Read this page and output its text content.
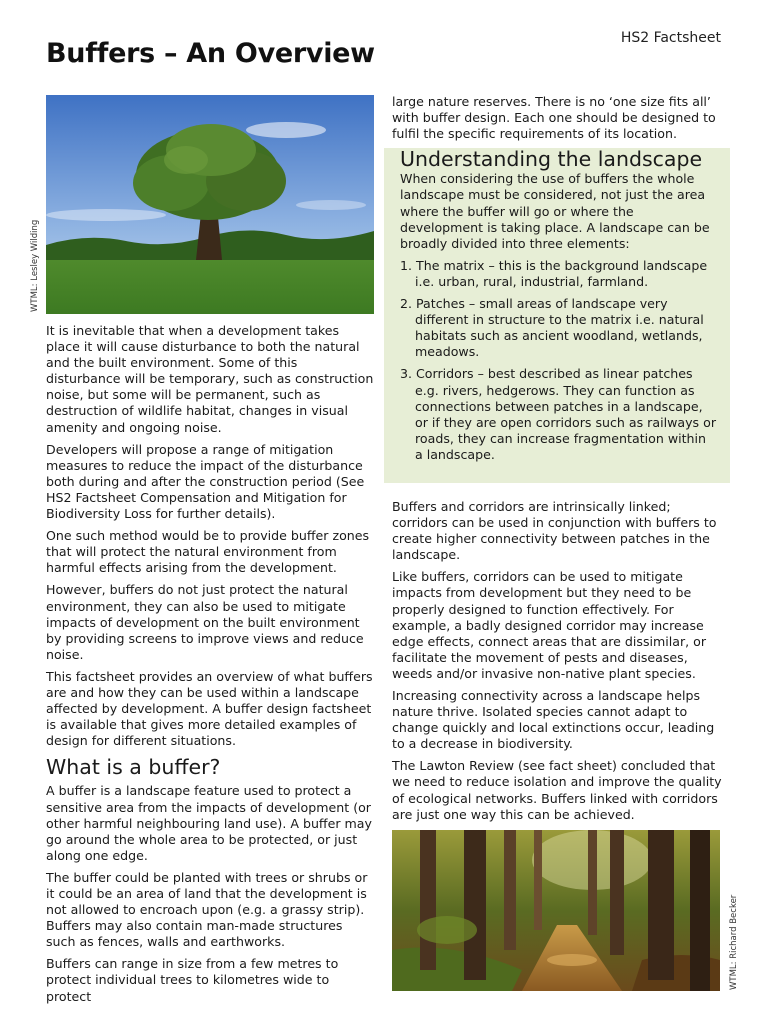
HS2 Factsheet
Buffers – An Overview
WTML: Lesley Wilding

It is inevitable that when a development takes place it will cause disturbance to both the natural and the built environment. Some of this disturbance will be temporary, such as construction noise, but some will be permanent, such as destruction of wildlife habitat, changes in visual amenity and ongoing noise.

Developers will propose a range of mitigation measures to reduce the impact of the disturbance both during and after the construction period (See HS2 Factsheet Compensation and Mitigation for Biodiversity Loss for further details).

One such method would be to provide buffer zones that will protect the natural environment from harmful effects arising from the development.

However, buffers do not just protect the natural environment, they can also be used to mitigate impacts of development on the built environment by providing screens to improve views and reduce noise.

This factsheet provides an overview of what buffers are and how they can be used within a landscape affected by development. A buffer design factsheet is available that gives more detailed examples of design for different situations.

What is a buffer?

A buffer is a landscape feature used to protect a sensitive area from the impacts of development (or other harmful neighbouring land use). A buffer may go around the whole area to be protected, or just along one edge.

The buffer could be planted with trees or shrubs or it could be an area of land that the development is not allowed to encroach upon (e.g. a grassy strip). Buffers may also contain man-made structures such as fences, walls and earthworks.

Buffers can range in size from a few metres to protect individual trees to kilometres wide to protect

large nature reserves. There is no ‘one size fits all’ with buffer design. Each one should be designed to fulfil the specific requirements of its location.

Understanding the landscape

When considering the use of buffers the whole landscape must be considered, not just the area where the buffer will go or where the development is taking place. A landscape can be broadly divided into three elements:

1. The matrix – this is the background landscape i.e. urban, rural, industrial, farmland.
2. Patches – small areas of landscape very different in structure to the matrix i.e. natural habitats such as ancient woodland, wetlands, meadows.
3. Corridors – best described as linear patches e.g. rivers, hedgerows. They can function as connections between patches in a landscape, or if they are open corridors such as railways or roads, they can increase fragmentation within a landscape.

Buffers and corridors are intrinsically linked; corridors can be used in conjunction with buffers to create higher connectivity between patches in the landscape.

Like buffers, corridors can be used to mitigate impacts from development but they need to be properly designed to function effectively. For example, a badly designed corridor may increase edge effects, connect areas that are dissimilar, or facilitate the movement of pests and diseases, weeds and/or invasive non-native plant species.

Increasing connectivity across a landscape helps nature thrive. Isolated species cannot adapt to change quickly and local extinctions occur, leading to a decrease in biodiversity.

The Lawton Review (see fact sheet) concluded that we need to reduce isolation and improve the quality of ecological networks. Buffers linked with corridors are just one way this can be achieved.

WTML: Richard Becker
